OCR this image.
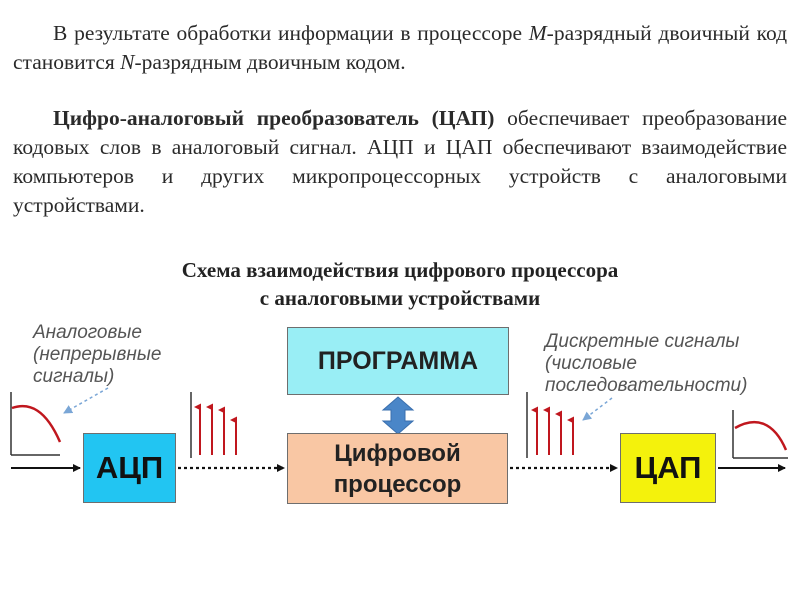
В результате обработки информации в процессоре M-разрядный двоичный код становится N-разрядным двоичным кодом.

Цифро-аналоговый преобразователь (ЦАП) обеспечивает преобразование кодовых слов в аналоговый сигнал. АЦП и ЦАП обеспечивают взаимодействие компьютеров и других микропроцессорных устройств с аналоговыми устройствами.

Схема взаимодействия цифрового процессора
с аналоговыми устройствами
ПРОГРАММА
АЦП	Цифровой
процессор	ЦАП
Аналоговые
(непрерывные
сигналы)
Дискретные сигналы
(числовые
последовательности)
